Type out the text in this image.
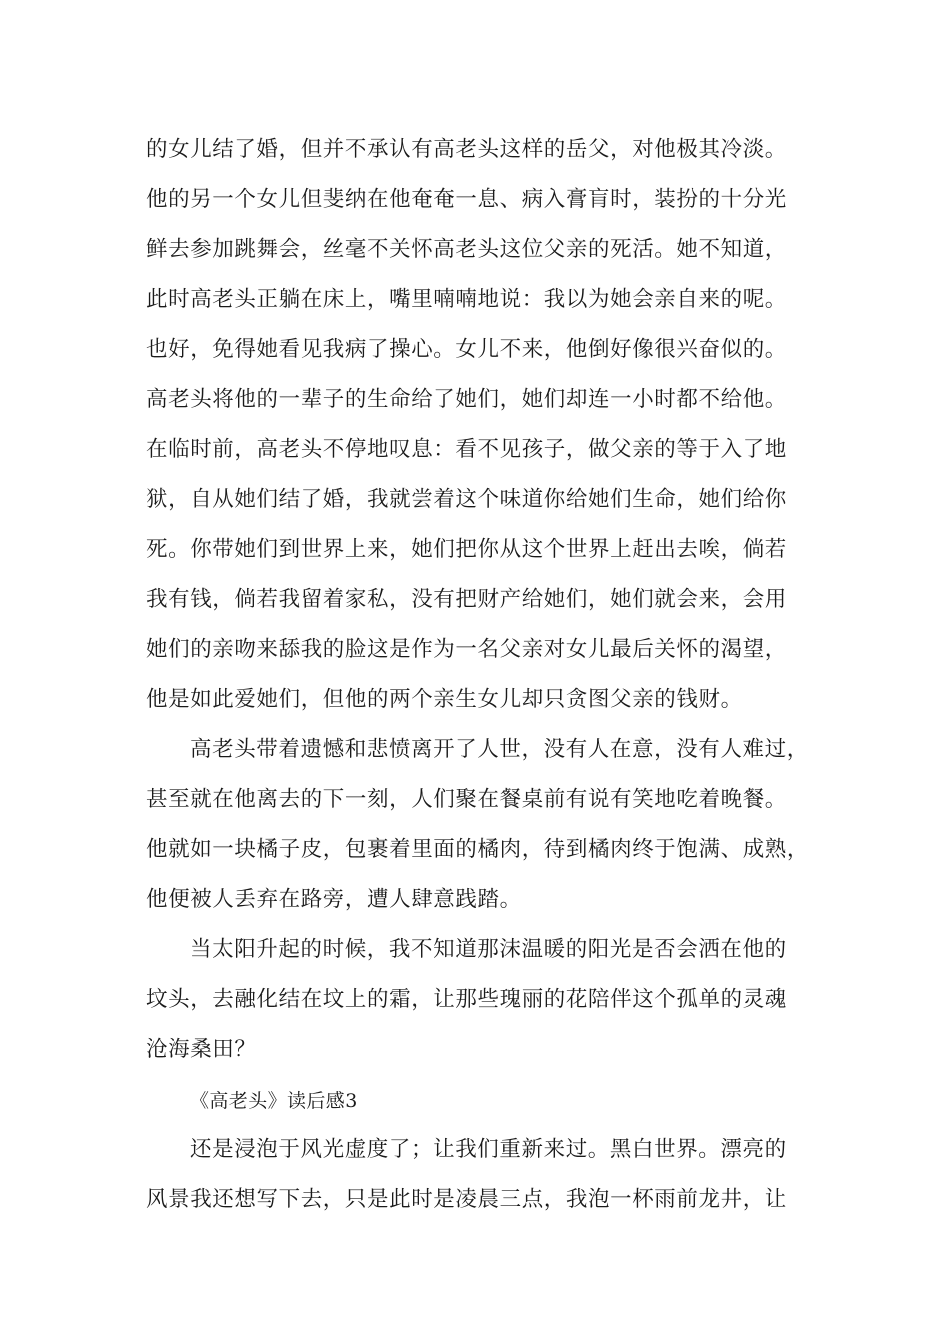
的女儿结了婚，但并不承认有高老头这样的岳父，对他极其冷淡。
他的另一个女儿但斐纳在他奄奄一息、病入膏肓时，装扮的十分光
鲜去参加跳舞会，丝毫不关怀高老头这位父亲的死活。她不知道，
此时高老头正躺在床上，嘴里喃喃地说：我以为她会亲自来的呢。
也好，免得她看见我病了操心。女儿不来，他倒好像很兴奋似的。
高老头将他的一辈子的生命给了她们，她们却连一小时都不给他。
在临时前，高老头不停地叹息：看不见孩子，做父亲的等于入了地
狱，自从她们结了婚，我就尝着这个味道你给她们生命，她们给你
死。你带她们到世界上来，她们把你从这个世界上赶出去唉，倘若
我有钱，倘若我留着家私，没有把财产给她们，她们就会来，会用
她们的亲吻来舔我的脸这是作为一名父亲对女儿最后关怀的渴望，
他是如此爱她们，但他的两个亲生女儿却只贪图父亲的钱财。
高老头带着遗憾和悲愤离开了人世，没有人在意，没有人难过，
甚至就在他离去的下一刻，人们聚在餐桌前有说有笑地吃着晚餐。
他就如一块橘子皮，包裹着里面的橘肉，待到橘肉终于饱满、成熟，
他便被人丢弃在路旁，遭人肆意践踏。
当太阳升起的时候，我不知道那沫温暖的阳光是否会洒在他的
坟头，去融化结在坟上的霜，让那些瑰丽的花陪伴这个孤单的灵魂
沧海桑田？
《高老头》读后感3
还是浸泡于风光虚度了；让我们重新来过。黑白世界。漂亮的
风景我还想写下去，只是此时是凌晨三点，我泡一杯雨前龙井，让
